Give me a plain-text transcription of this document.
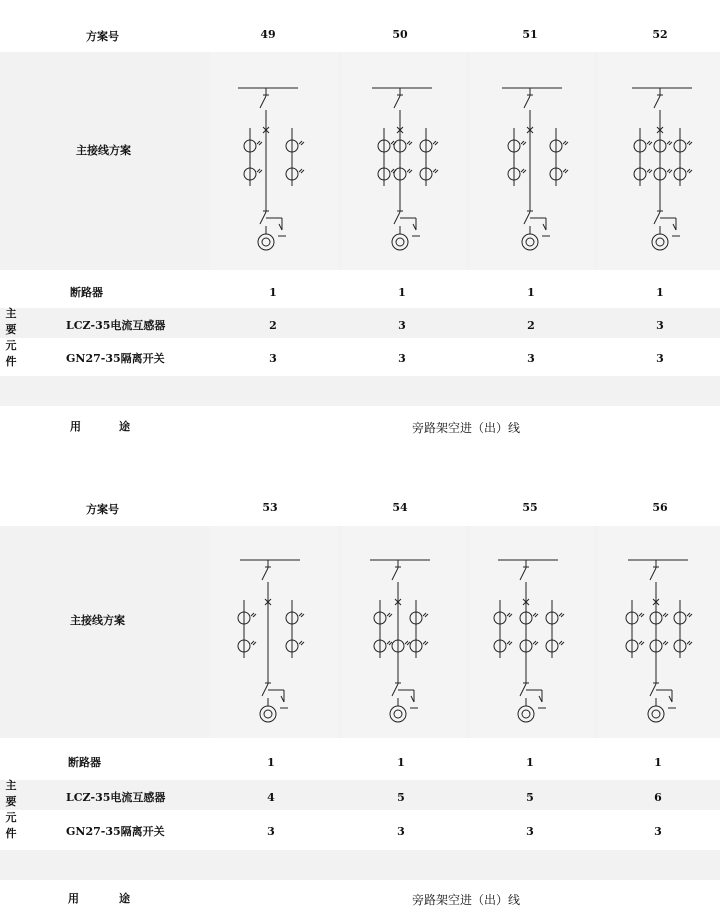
方案号	49	50	51	52
主接线方案
断路器	1	1	1	1
LCZ-35电流互感器	2	3	2	3
GN27-35隔离开关	3	3	3	3
主
要
元
件
用	途	旁路架空进（出）线
方案号	53	54	55	56
主接线方案
断路器	1	1	1	1
LCZ-35电流互感器	4	5	5	6
GN27-35隔离开关	3	3	3	3
主
要
元
件
用	途	旁路架空进（出）线
